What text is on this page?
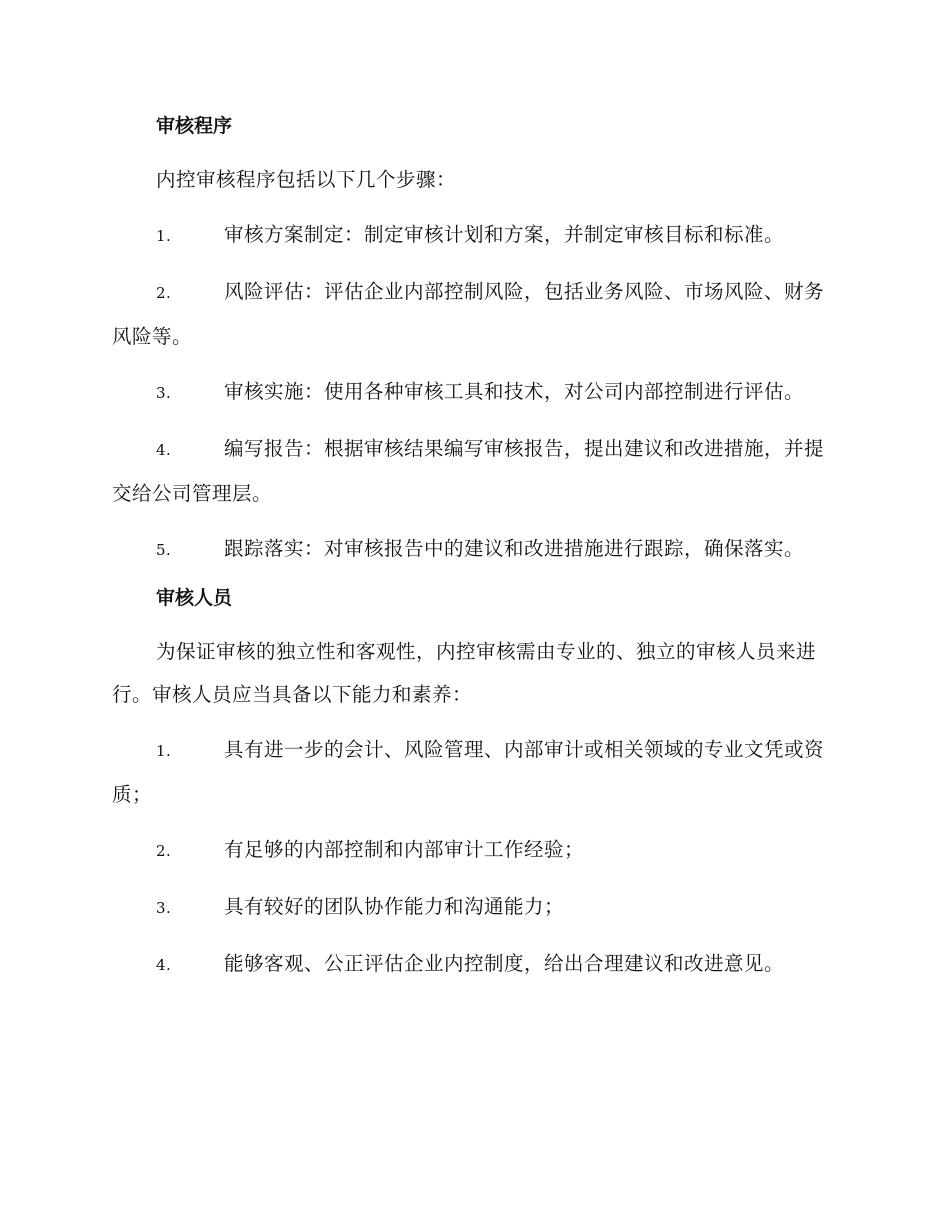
审核程序

内控审核程序包括以下几个步骤：

1.	审核方案制定：制定审核计划和方案，并制定审核目标和标准。

2.	风险评估：评估企业内部控制风险，包括业务风险、市场风险、财务风险等。

3.	审核实施：使用各种审核工具和技术，对公司内部控制进行评估。

4.	编写报告：根据审核结果编写审核报告，提出建议和改进措施，并提交给公司管理层。

5.	跟踪落实：对审核报告中的建议和改进措施进行跟踪，确保落实。

审核人员

为保证审核的独立性和客观性，内控审核需由专业的、独立的审核人员来进行。审核人员应当具备以下能力和素养：

1.	具有进一步的会计、风险管理、内部审计或相关领域的专业文凭或资质；

2.	有足够的内部控制和内部审计工作经验；

3.	具有较好的团队协作能力和沟通能力；

4.	能够客观、公正评估企业内控制度，给出合理建议和改进意见。
